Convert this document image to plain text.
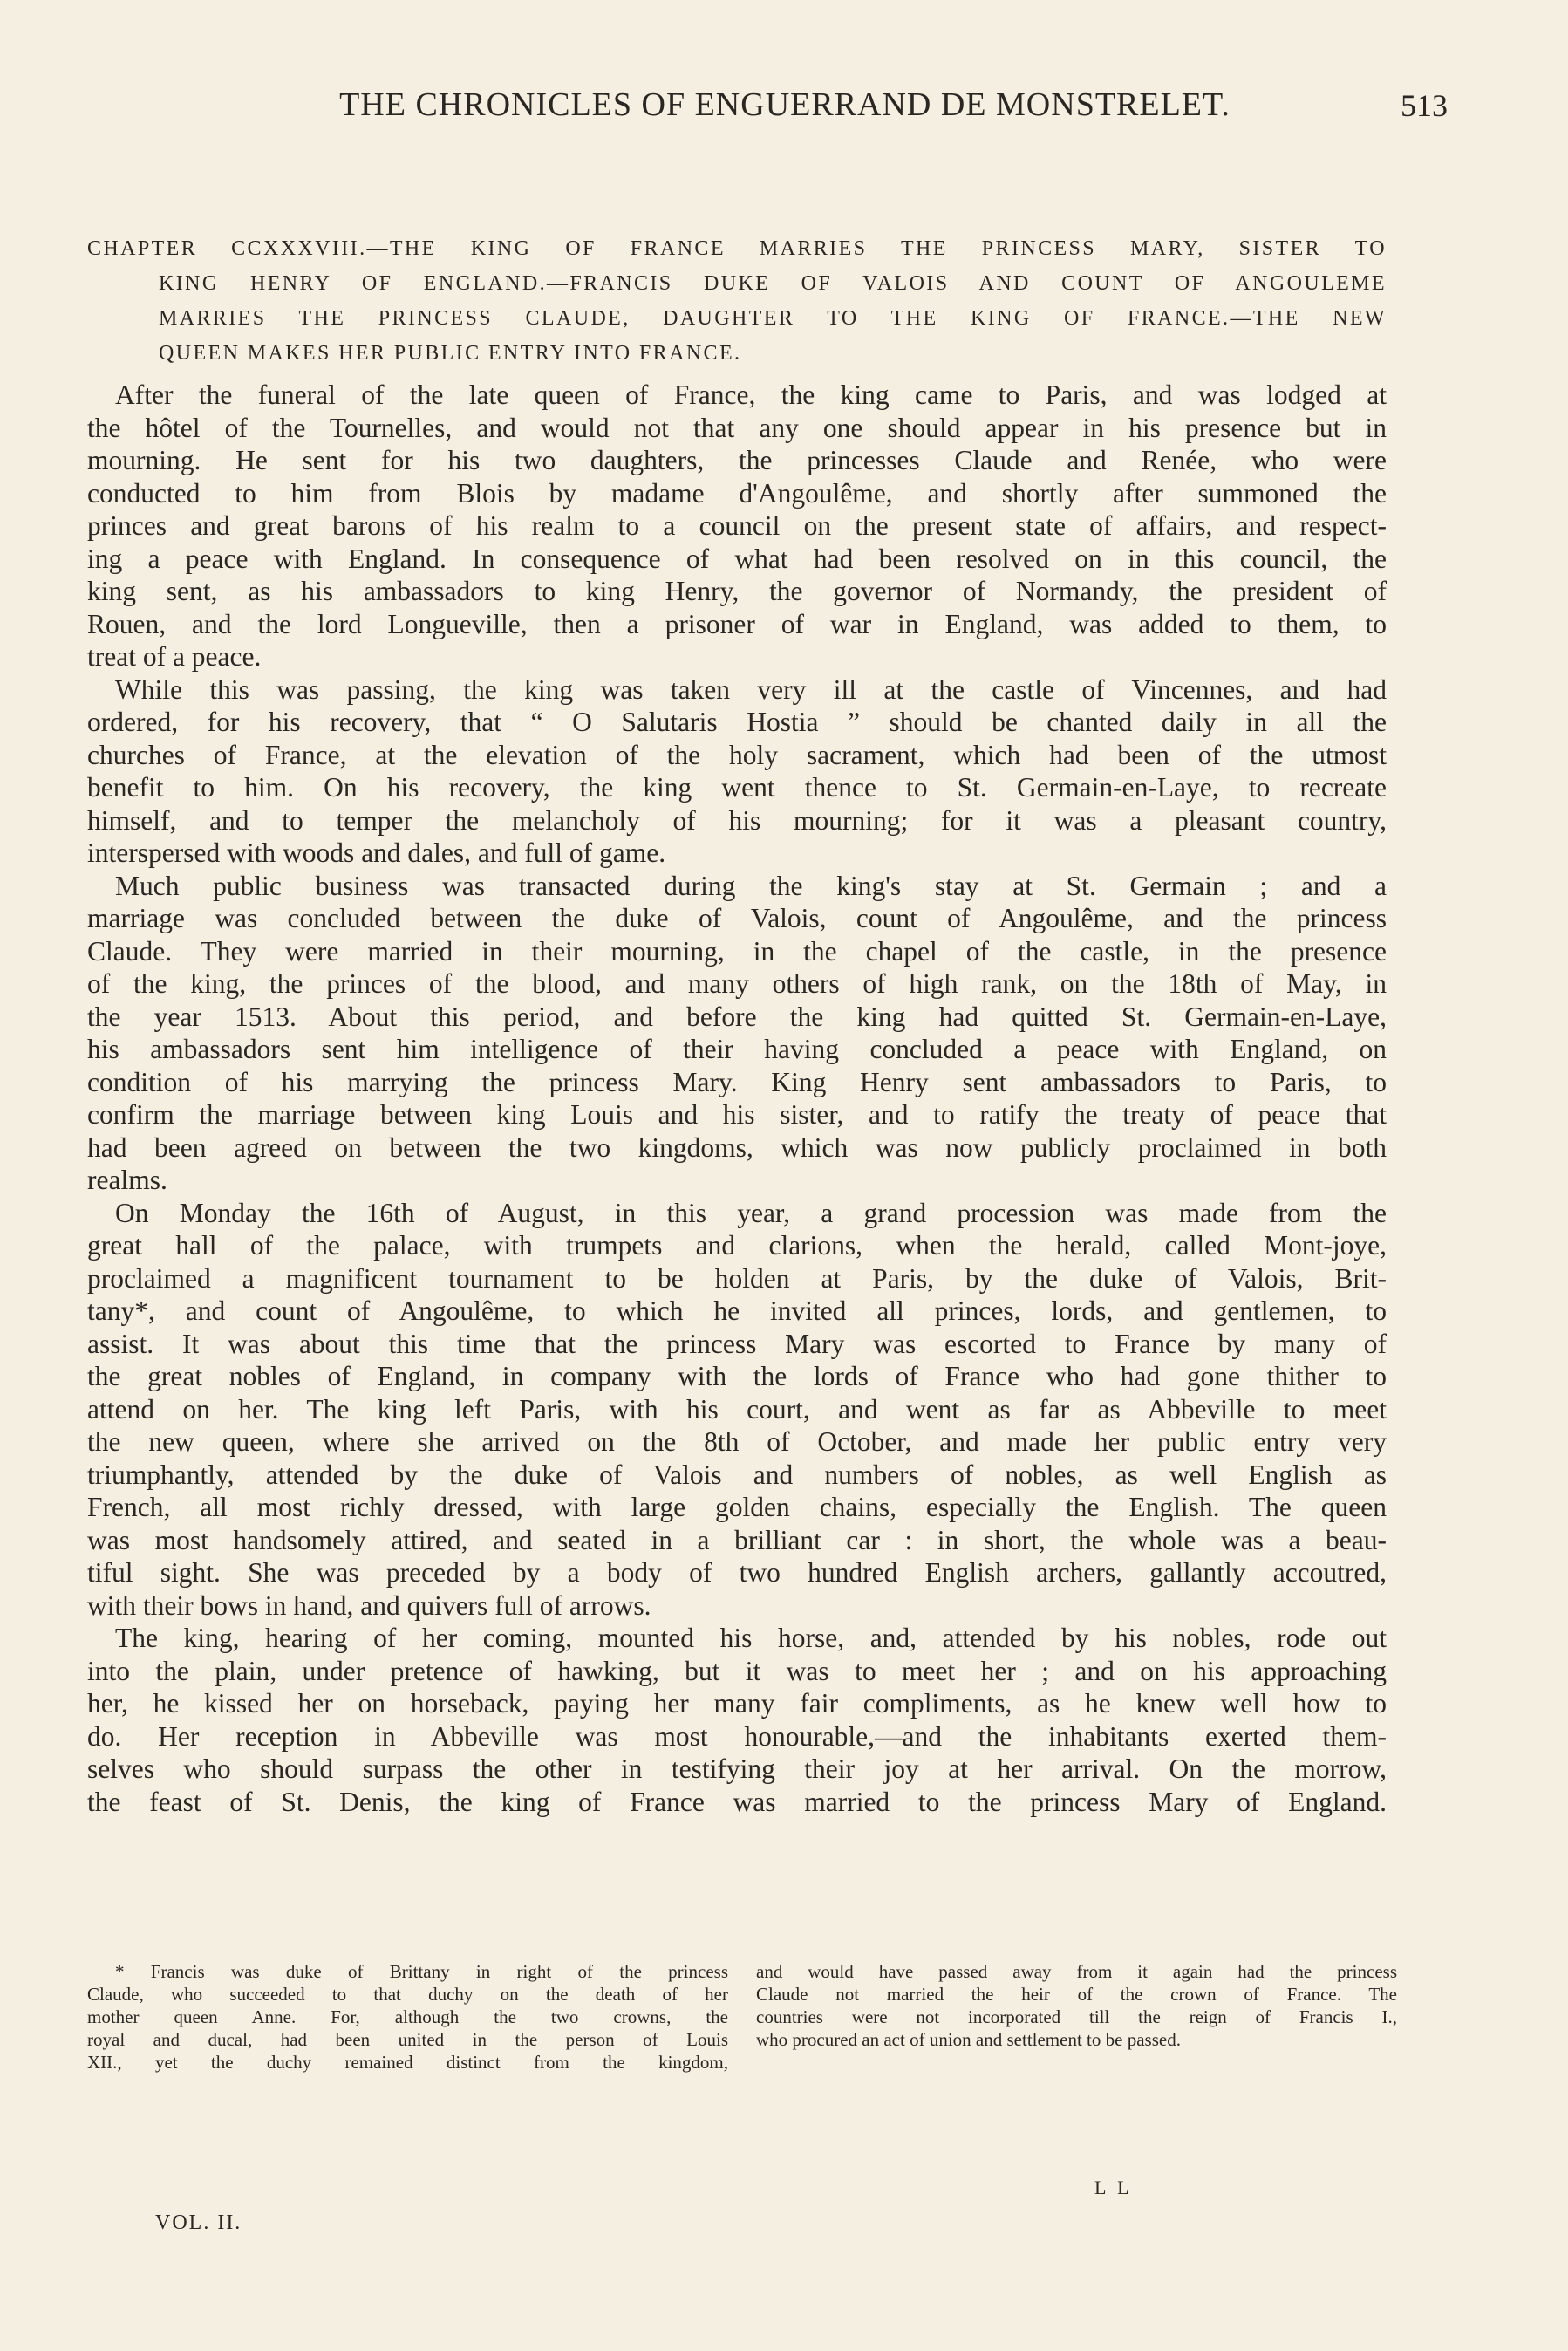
THE CHRONICLES OF ENGUERRAND DE MONSTRELET.	513
CHAPTER CCXXXVIII.—THE KING OF FRANCE MARRIES THE PRINCESS MARY, SISTER TO
KING HENRY OF ENGLAND.—FRANCIS DUKE OF VALOIS AND COUNT OF ANGOULEME
MARRIES THE PRINCESS CLAUDE, DAUGHTER TO THE KING OF FRANCE.—THE NEW
QUEEN MAKES HER PUBLIC ENTRY INTO FRANCE.
After the funeral of the late queen of France, the king came to Paris, and was lodged at
the hôtel of the Tournelles, and would not that any one should appear in his presence but in
mourning. He sent for his two daughters, the princesses Claude and Renée, who were
conducted to him from Blois by madame d'Angoulême, and shortly after summoned the
princes and great barons of his realm to a council on the present state of affairs, and respect-
ing a peace with England. In consequence of what had been resolved on in this council, the
king sent, as his ambassadors to king Henry, the governor of Normandy, the president of
Rouen, and the lord Longueville, then a prisoner of war in England, was added to them, to
treat of a peace.
While this was passing, the king was taken very ill at the castle of Vincennes, and had
ordered, for his recovery, that “ O Salutaris Hostia ” should be chanted daily in all the
churches of France, at the elevation of the holy sacrament, which had been of the utmost
benefit to him. On his recovery, the king went thence to St. Germain-en-Laye, to recreate
himself, and to temper the melancholy of his mourning; for it was a pleasant country,
interspersed with woods and dales, and full of game.
Much public business was transacted during the king's stay at St. Germain ; and a
marriage was concluded between the duke of Valois, count of Angoulême, and the princess
Claude. They were married in their mourning, in the chapel of the castle, in the presence
of the king, the princes of the blood, and many others of high rank, on the 18th of May, in
the year 1513. About this period, and before the king had quitted St. Germain-en-Laye,
his ambassadors sent him intelligence of their having concluded a peace with England, on
condition of his marrying the princess Mary. King Henry sent ambassadors to Paris, to
confirm the marriage between king Louis and his sister, and to ratify the treaty of peace that
had been agreed on between the two kingdoms, which was now publicly proclaimed in both
realms.
On Monday the 16th of August, in this year, a grand procession was made from the
great hall of the palace, with trumpets and clarions, when the herald, called Mont-joye,
proclaimed a magnificent tournament to be holden at Paris, by the duke of Valois, Brit-
tany*, and count of Angoulême, to which he invited all princes, lords, and gentlemen, to
assist. It was about this time that the princess Mary was escorted to France by many of
the great nobles of England, in company with the lords of France who had gone thither to
attend on her. The king left Paris, with his court, and went as far as Abbeville to meet
the new queen, where she arrived on the 8th of October, and made her public entry very
triumphantly, attended by the duke of Valois and numbers of nobles, as well English as
French, all most richly dressed, with large golden chains, especially the English. The queen
was most handsomely attired, and seated in a brilliant car : in short, the whole was a beau-
tiful sight. She was preceded by a body of two hundred English archers, gallantly accoutred,
with their bows in hand, and quivers full of arrows.
The king, hearing of her coming, mounted his horse, and, attended by his nobles, rode out
into the plain, under pretence of hawking, but it was to meet her ; and on his approaching
her, he kissed her on horseback, paying her many fair compliments, as he knew well how to
do. Her reception in Abbeville was most honourable,—and the inhabitants exerted them-
selves who should surpass the other in testifying their joy at her arrival. On the morrow,
the feast of St. Denis, the king of France was married to the princess Mary of England.
* Francis was duke of Brittany in right of the princess
Claude, who succeeded to that duchy on the death of her
mother queen Anne. For, although the two crowns, the
royal and ducal, had been united in the person of Louis
XII., yet the duchy remained distinct from the kingdom,
and would have passed away from it again had the princess
Claude not married the heir of the crown of France. The
countries were not incorporated till the reign of Francis I.,
who procured an act of union and settlement to be passed.
VOL. II.
L L
